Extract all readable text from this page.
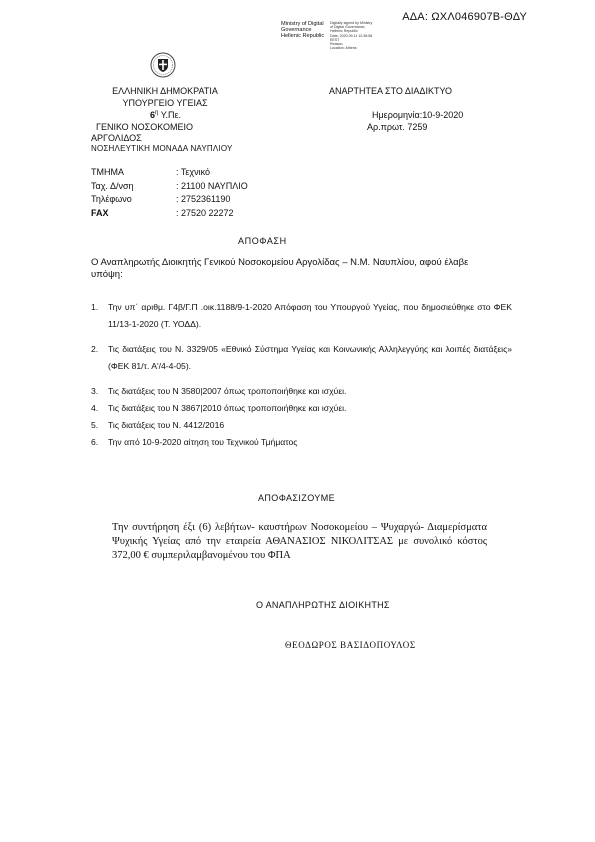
ΑΔΑ: ΩΧΛ046907Β-ΘΔΥ
Ministry of Digital
Governance
Hellenic Republic
Digitally signed by Ministry
of Digital Governance,
Hellenic Republic
Date: 2020.09.11 12:38:58
EEST
Reason:
Location: Athens
ΕΛΛΗΝΙΚΗ ΔΗΜΟΚΡΑΤΙΑ
ΥΠΟΥΡΓΕΙΟ ΥΓΕΙΑΣ
$6^\eta$ Υ.Πε.
ΓΕΝΙΚΟ ΝΟΣΟΚΟΜΕΙΟ
ΑΡΓΟΛΙΔΟΣ
ΝΟΣΗΛΕΥΤΙΚΗ ΜΟΝΑΔΑ ΝΑΥΠΛΙΟΥ
ΑΝΑΡΤΗΤΕΑ ΣΤΟ ΔΙΑΔΙΚΤΥΟ
Ημερομηνία:10-9-2020
Αρ.πρωτ. 7259
ΤΜΗΜΑ	: Τεχνικό
Ταχ. Δ/νση	: 21100 ΝΑΥΠΛΙΟ
Τηλέφωνο	: 2752361190
FAX	: 27520 22272
ΑΠΟΦΑΣΗ
Ο Αναπληρωτής Διοικητής Γενικού Νοσοκομείου Αργολίδας – Ν.Μ. Ναυπλίου, αφού έλαβε υπόψη:
1.	Την υπ΄ αριθμ. Γ4β/Γ.Π .οικ.1188/9-1-2020 Απόφαση του Υπουργού Υγείας, που δημοσιεύθηκε στο ΦΕΚ 11/13-1-2020 (Τ. ΥΟΔΔ).
2.	Τις διατάξεις του Ν. 3329/05 «Εθνικό Σύστημα Υγείας και Κοινωνικής Αλληλεγγύης και λοιπές διατάξεις» (ΦΕΚ 81/τ. Α'/4-4-05).
3.	Τις διατάξεις του Ν 3580|2007 όπως τροποποιήθηκε και ισχύει.
4.	Τις διατάξεις του Ν 3867|2010 όπως τροποποιήθηκε και ισχύει.
5.	Τις διατάξεις του Ν. 4412/2016
6.	Την από 10-9-2020 αίτηση του Τεχνικού Τμήματος
ΑΠΟΦΑΣΙΖΟΥΜΕ
Την συντήρηση έξι (6) λεβήτων- καυστήρων Νοσοκομείου – Ψυχαργώ- Διαμερίσματα Ψυχικής Υγείας από την εταιρεία ΑΘΑΝΑΣΙΟΣ ΝΙΚΟΛΙΤΣΑΣ με συνολικό κόστος 372,00 € συμπεριλαμβανομένου του ΦΠΑ
Ο ΑΝΑΠΛΗΡΩΤΗΣ ΔΙΟΙΚΗΤΗΣ
ΘΕΟΔΩΡΟΣ ΒΑΣΙΔΟΠΟΥΛΟΣ
